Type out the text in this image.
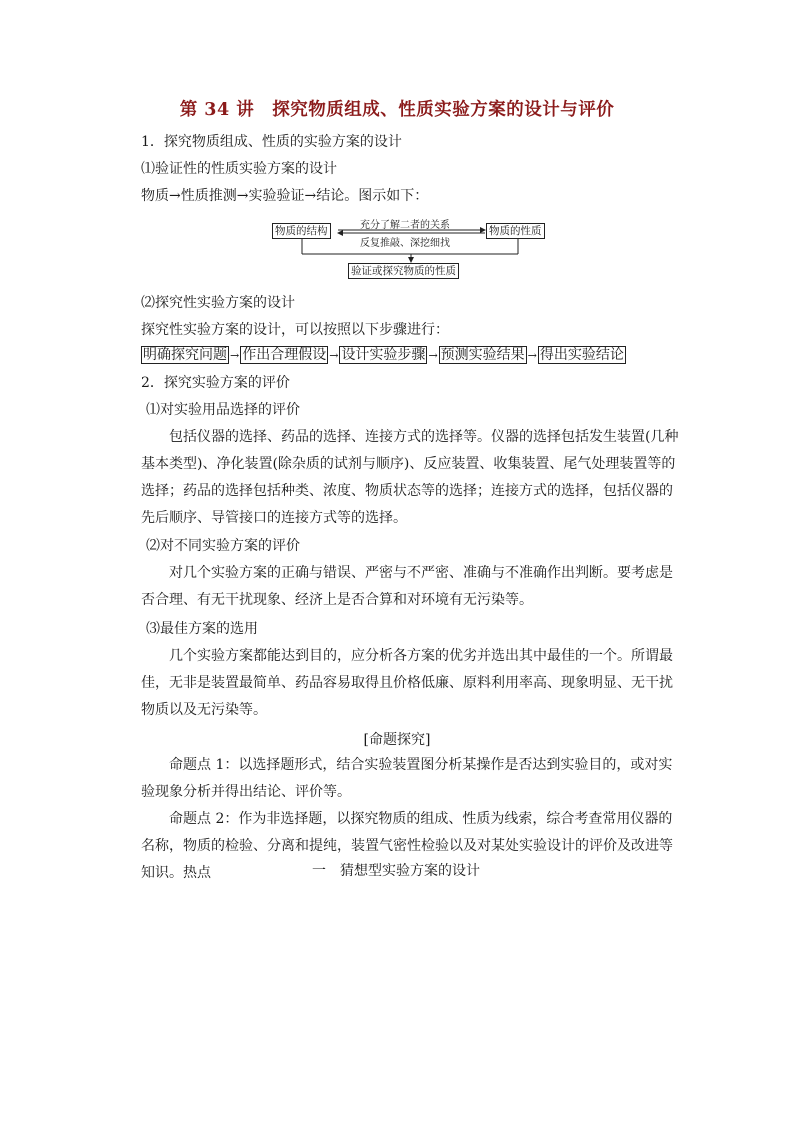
第 34 讲　探究物质组成、性质实验方案的设计与评价
1．探究物质组成、性质的实验方案的设计
⑴验证性的性质实验方案的设计
物质→性质推测→实验验证→结论。图示如下：
物质的结构	物质的性质
充分了解二者的关系
反复推敲、深挖细找
验证或探究物质的性质
⑵探究性实验方案的设计
探究性实验方案的设计，可以按照以下步骤进行：
明确探究问题 → 作出合理假设 → 设计实验步骤 → 预测实验结果 → 得出实验结论
2．探究实验方案的评价
⑴对实验用品选择的评价
包括仪器的选择、药品的选择、连接方式的选择等。仪器的选择包括发生装置(几种基本类型)、净化装置(除杂质的试剂与顺序)、反应装置、收集装置、尾气处理装置等的选择；药品的选择包括种类、浓度、物质状态等的选择；连接方式的选择，包括仪器的先后顺序、导管接口的连接方式等的选择。
⑵对不同实验方案的评价
对几个实验方案的正确与错误、严密与不严密、准确与不准确作出判断。要考虑是否合理、有无干扰现象、经济上是否合算和对环境有无污染等。
⑶最佳方案的选用
几个实验方案都能达到目的，应分析各方案的优劣并选出其中最佳的一个。所谓最佳，无非是装置最简单、药品容易取得且价格低廉、原料利用率高、现象明显、无干扰物质以及无污染等。
[命题探究]
命题点 1：以选择题形式，结合实验装置图分析某操作是否达到实验目的，或对实验现象分析并得出结论、评价等。
命题点 2：作为非选择题，以探究物质的组成、性质为线索，综合考查常用仪器的名称，物质的检验、分离和提纯，装置气密性检验以及对某处实验设计的评价及改进等知识。热点	一　猜想型实验方案的设计
